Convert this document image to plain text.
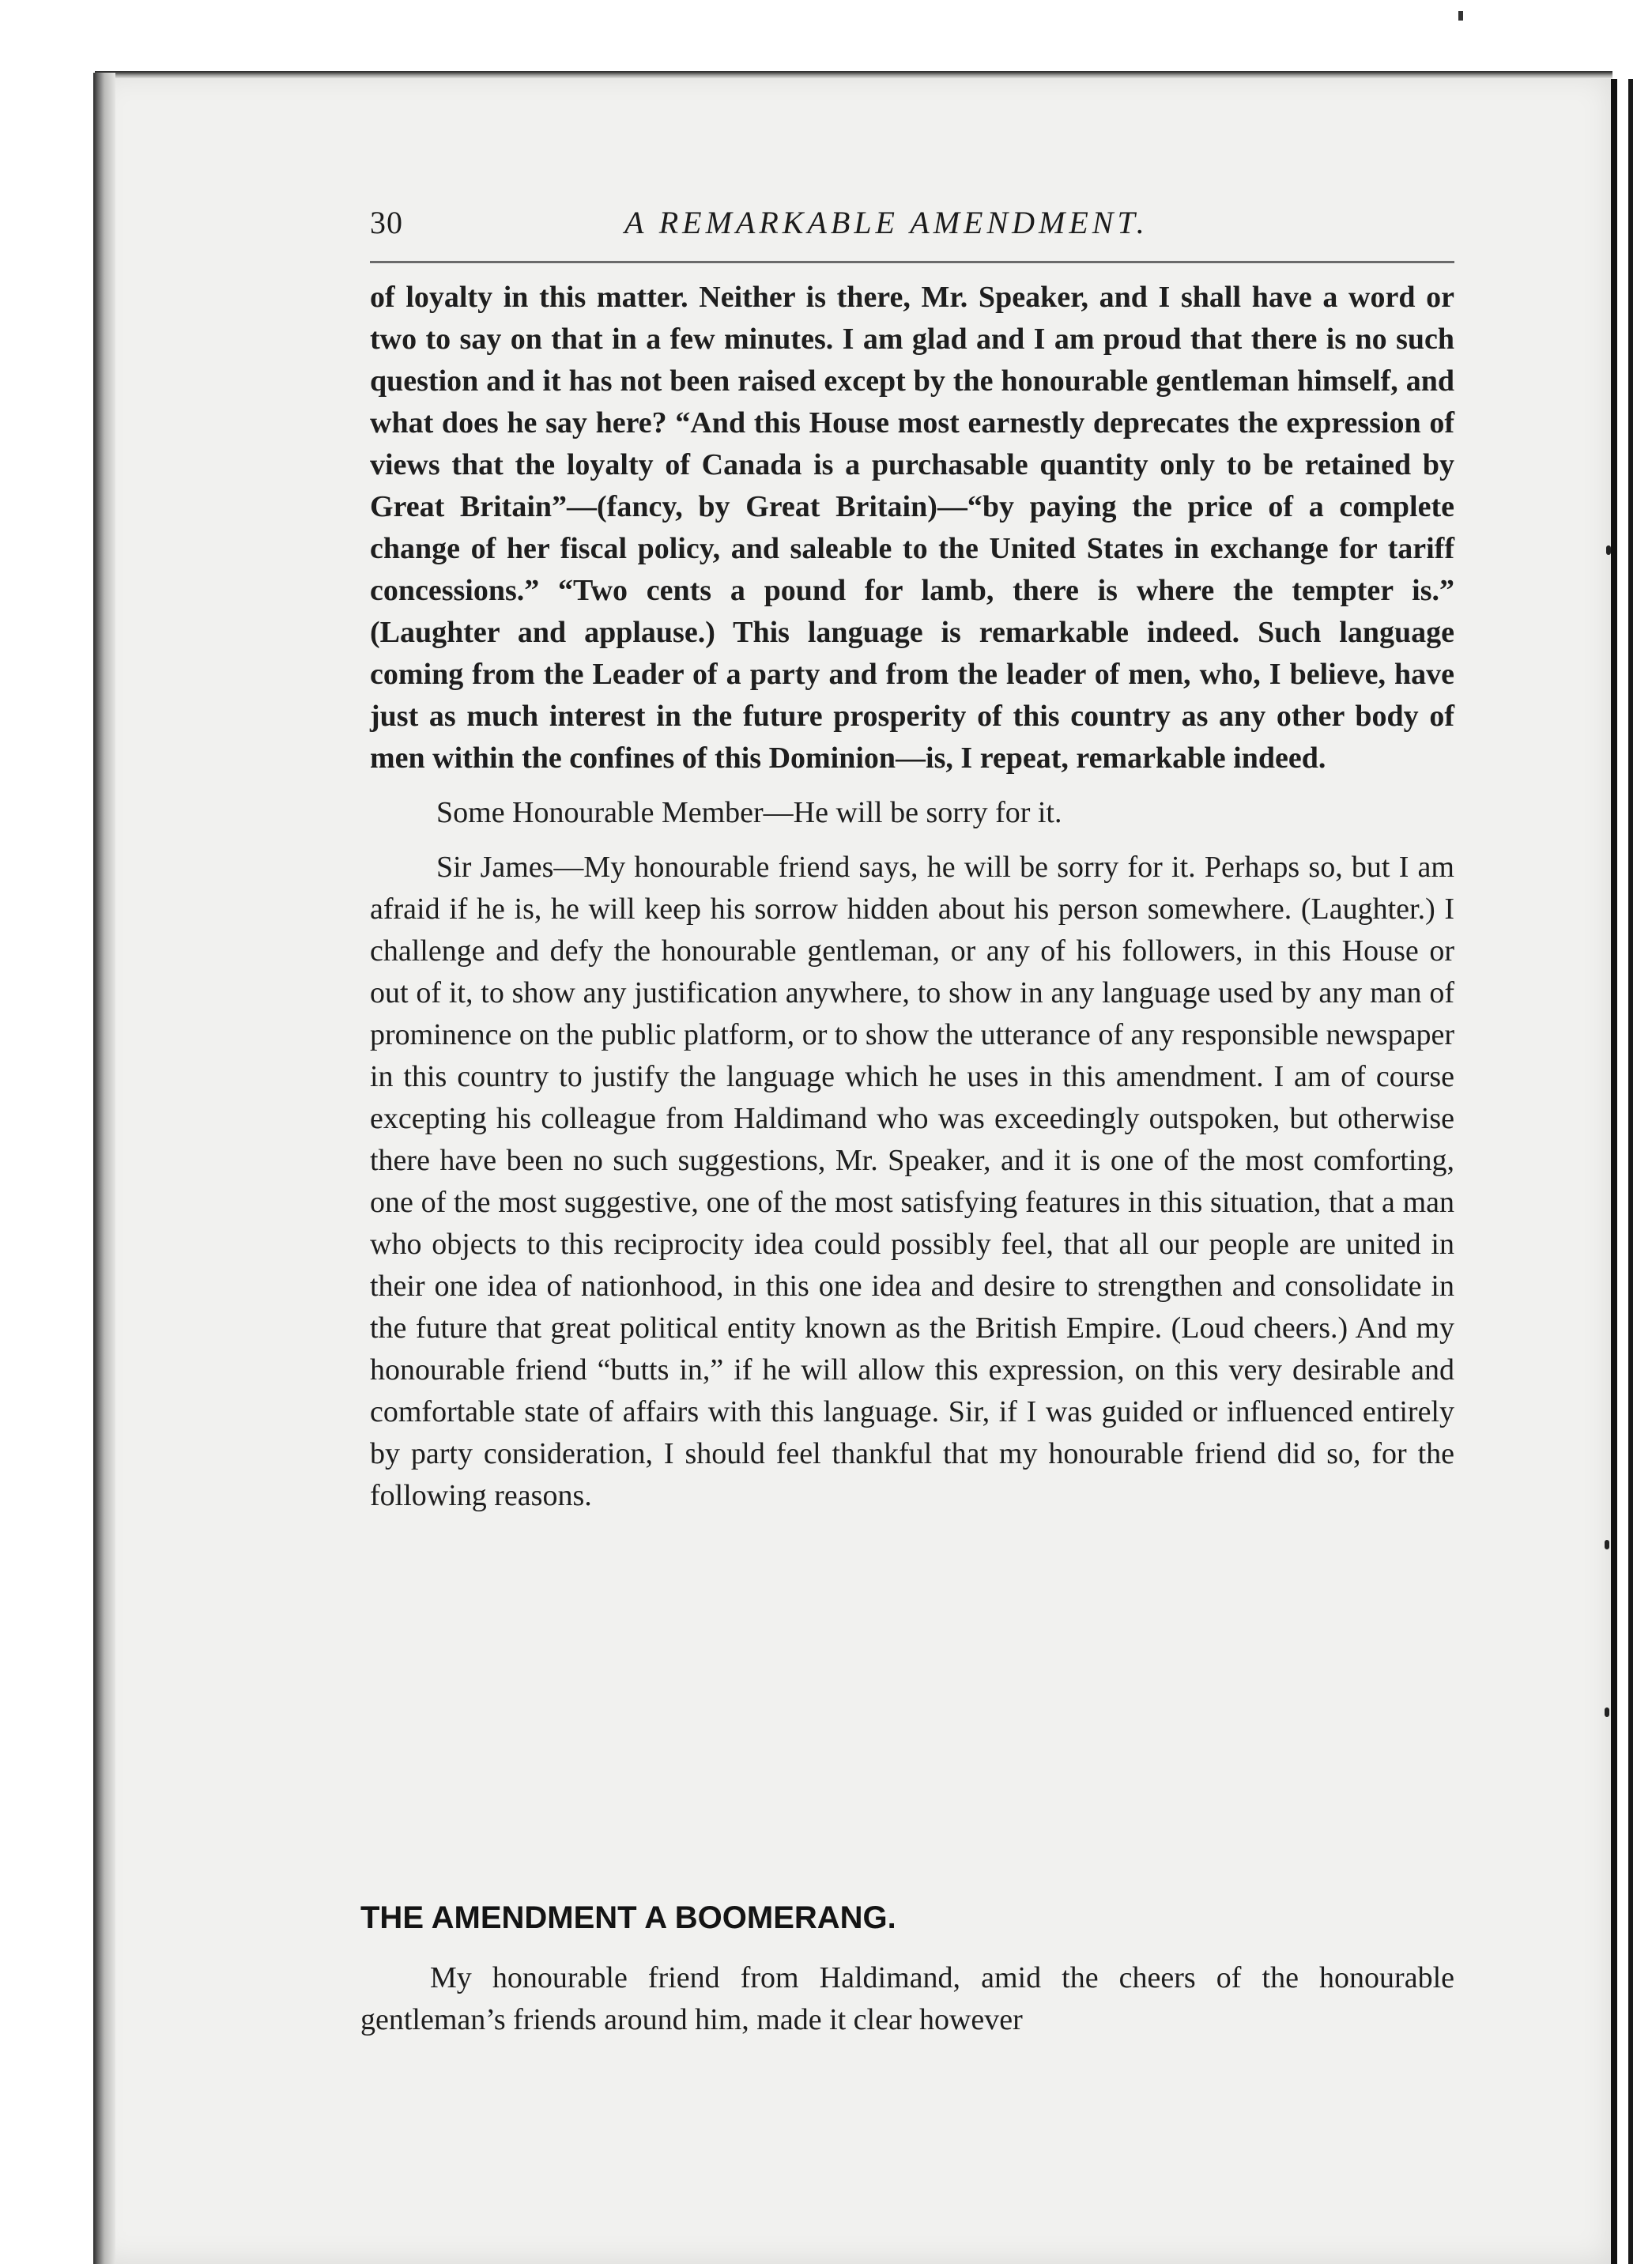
30	A REMARKABLE AMENDMENT.

of loyalty in this matter. Neither is there, Mr. Speaker, and I shall have a word or two to say on that in a few minutes. I am glad and I am proud that there is no such question and it has not been raised except by the honourable gentleman himself, and what does he say here? “And this House most earnestly deprecates the expression of views that the loyalty of Canada is a purchasable quantity only to be retained by Great Britain”—(fancy, by Great Britain)—“by paying the price of a complete change of her fiscal policy, and saleable to the United States in exchange for tariff concessions.” “Two cents a pound for lamb, there is where the tempter is.” (Laughter and applause.) This language is remarkable indeed. Such language coming from the Leader of a party and from the leader of men, who, I believe, have just as much interest in the future prosperity of this country as any other body of men within the confines of this Dominion—is, I repeat, remarkable indeed.

Some Honourable Member—He will be sorry for it.

Sir James—My honourable friend says, he will be sorry for it. Perhaps so, but I am afraid if he is, he will keep his sorrow hidden about his person somewhere. (Laughter.) I challenge and defy the honourable gentleman, or any of his followers, in this House or out of it, to show any justification anywhere, to show in any language used by any man of prominence on the public platform, or to show the utterance of any responsible newspaper in this country to justify the language which he uses in this amendment. I am of course excepting his colleague from Haldimand who was exceedingly outspoken, but otherwise there have been no such suggestions, Mr. Speaker, and it is one of the most comforting, one of the most suggestive, one of the most satisfying features in this situation, that a man who objects to this reciprocity idea could possibly feel, that all our people are united in their one idea of nationhood, in this one idea and desire to strengthen and consolidate in the future that great political entity known as the British Empire. (Loud cheers.) And my honourable friend “butts in,” if he will allow this expression, on this very desirable and comfortable state of affairs with this language. Sir, if I was guided or influenced entirely by party consideration, I should feel thankful that my honourable friend did so, for the following reasons.

THE AMENDMENT A BOOMERANG.

My honourable friend from Haldimand, amid the cheers of the honourable gentleman’s friends around him, made it clear however
